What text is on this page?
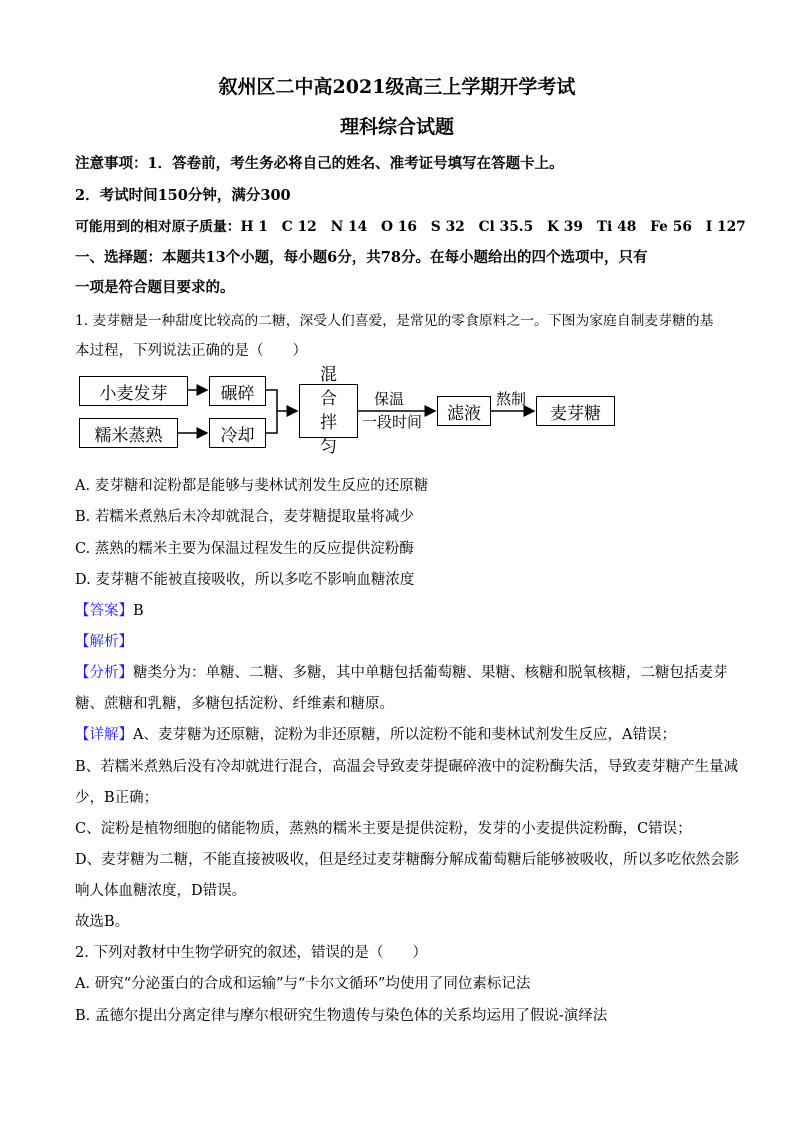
叙州区二中高2021级高三上学期开学考试
理科综合试题
注意事项：1．答卷前，考生务必将自己的姓名、准考证号填写在答题卡上。
2．考试时间150分钟，满分300
可能用到的相对原子质量：H 1　C 12　N 14　O 16　S 32　Cl 35.5　K 39　Ti 48　Fe 56　I 127
一、选择题：本题共13个小题，每小题6分，共78分。在每小题给出的四个选项中，只有
一项是符合题目要求的。
1. 麦芽糖是一种甜度比较高的二糖，深受人们喜爱，是常见的零食原料之一。下图为家庭自制麦芽糖的基
本过程，下列说法正确的是（　　）
小麦发芽
糯米蒸熟
碾碎
冷却
混合拌匀
保温
一段时间	滤液
熬制
麦芽糖
A. 麦芽糖和淀粉都是能够与斐林试剂发生反应的还原糖
B. 若糯米煮熟后未冷却就混合，麦芽糖提取量将减少
C. 蒸熟的糯米主要为保温过程发生的反应提供淀粉酶
D. 麦芽糖不能被直接吸收，所以多吃不影响血糖浓度
【答案】B
【解析】
【分析】糖类分为：单糖、二糖、多糖，其中单糖包括葡萄糖、果糖、核糖和脱氧核糖，二糖包括麦芽
糖、蔗糖和乳糖，多糖包括淀粉、纤维素和糖原。
【详解】A、麦芽糖为还原糖，淀粉为非还原糖，所以淀粉不能和斐林试剂发生反应，A错误；
B、若糯米煮熟后没有冷却就进行混合，高温会导致麦芽提碾碎液中的淀粉酶失活，导致麦芽糖产生量减
少，B正确；
C、淀粉是植物细胞的储能物质，蒸熟的糯米主要是提供淀粉，发芽的小麦提供淀粉酶，C错误；
D、麦芽糖为二糖，不能直接被吸收，但是经过麦芽糖酶分解成葡萄糖后能够被吸收，所以多吃依然会影
响人体血糖浓度，D错误。
故选B。
2. 下列对教材中生物学研究的叙述，错误的是（　　）
A. 研究“分泌蛋白的合成和运输”与“卡尔文循环”均使用了同位素标记法
B. 孟德尔提出分离定律与摩尔根研究生物遗传与染色体的关系均运用了假说-演绎法
